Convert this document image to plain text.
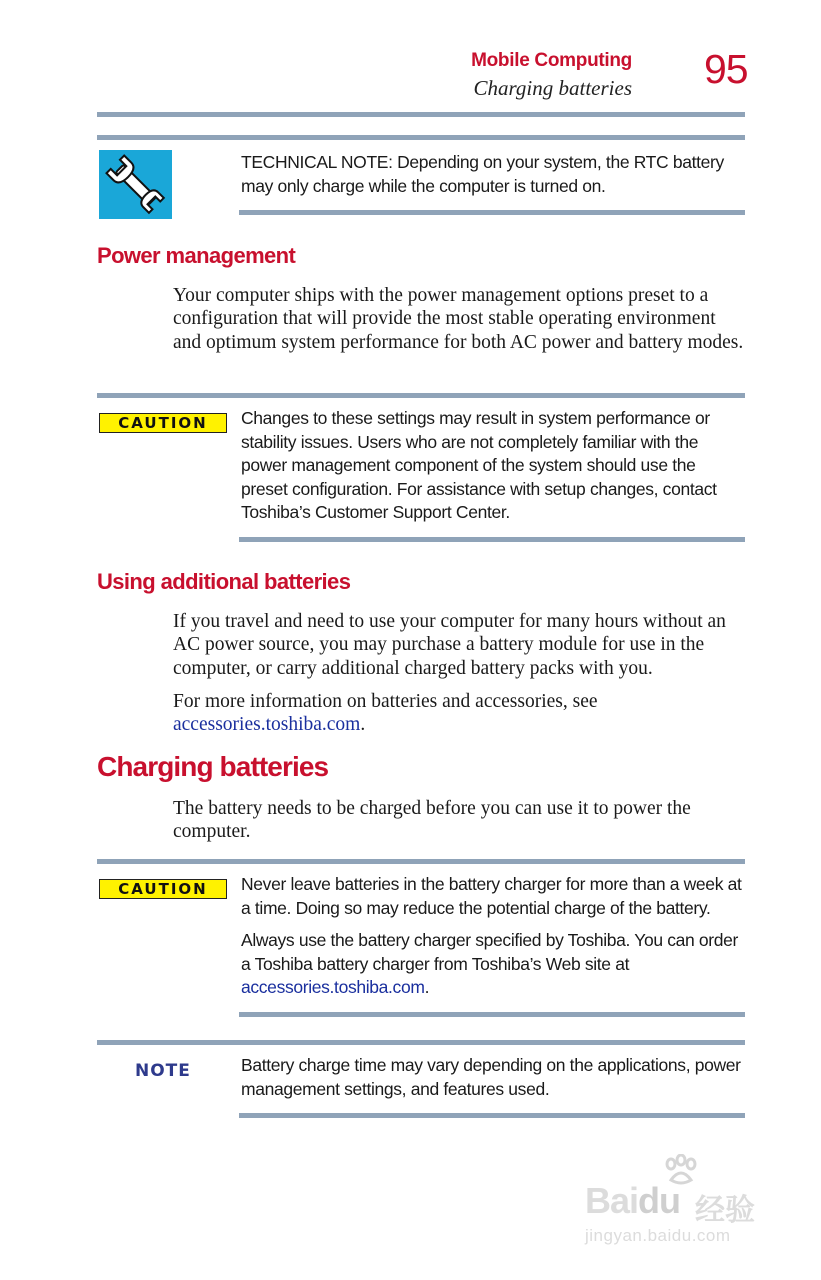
Mobile Computing
Charging batteries 95
TECHNICAL NOTE: Depending on your system, the RTC battery may only charge while the computer is turned on.
Power management

Your computer ships with the power management options preset to a configuration that will provide the most stable operating environment and optimum system performance for both AC power and battery modes.

CAUTION	Changes to these settings may result in system performance or stability issues. Users who are not completely familiar with the power management component of the system should use the preset configuration. For assistance with setup changes, contact Toshiba’s Customer Support Center.
Using additional batteries

If you travel and need to use your computer for many hours without an AC power source, you may purchase a battery module for use in the computer, or carry additional charged battery packs with you.

For more information on batteries and accessories, see
accessories.toshiba.com.

Charging batteries

The battery needs to be charged before you can use it to power the computer.

CAUTION	Never leave batteries in the battery charger for more than a week at a time. Doing so may reduce the potential charge of the battery.

Always use the battery charger specified by Toshiba. You can order a Toshiba battery charger from Toshiba’s Web site at accessories.toshiba.com.

NOTE	Battery charge time may vary depending on the applications, power management settings, and features used.
Baidu 经验
jingyan.baidu.com
